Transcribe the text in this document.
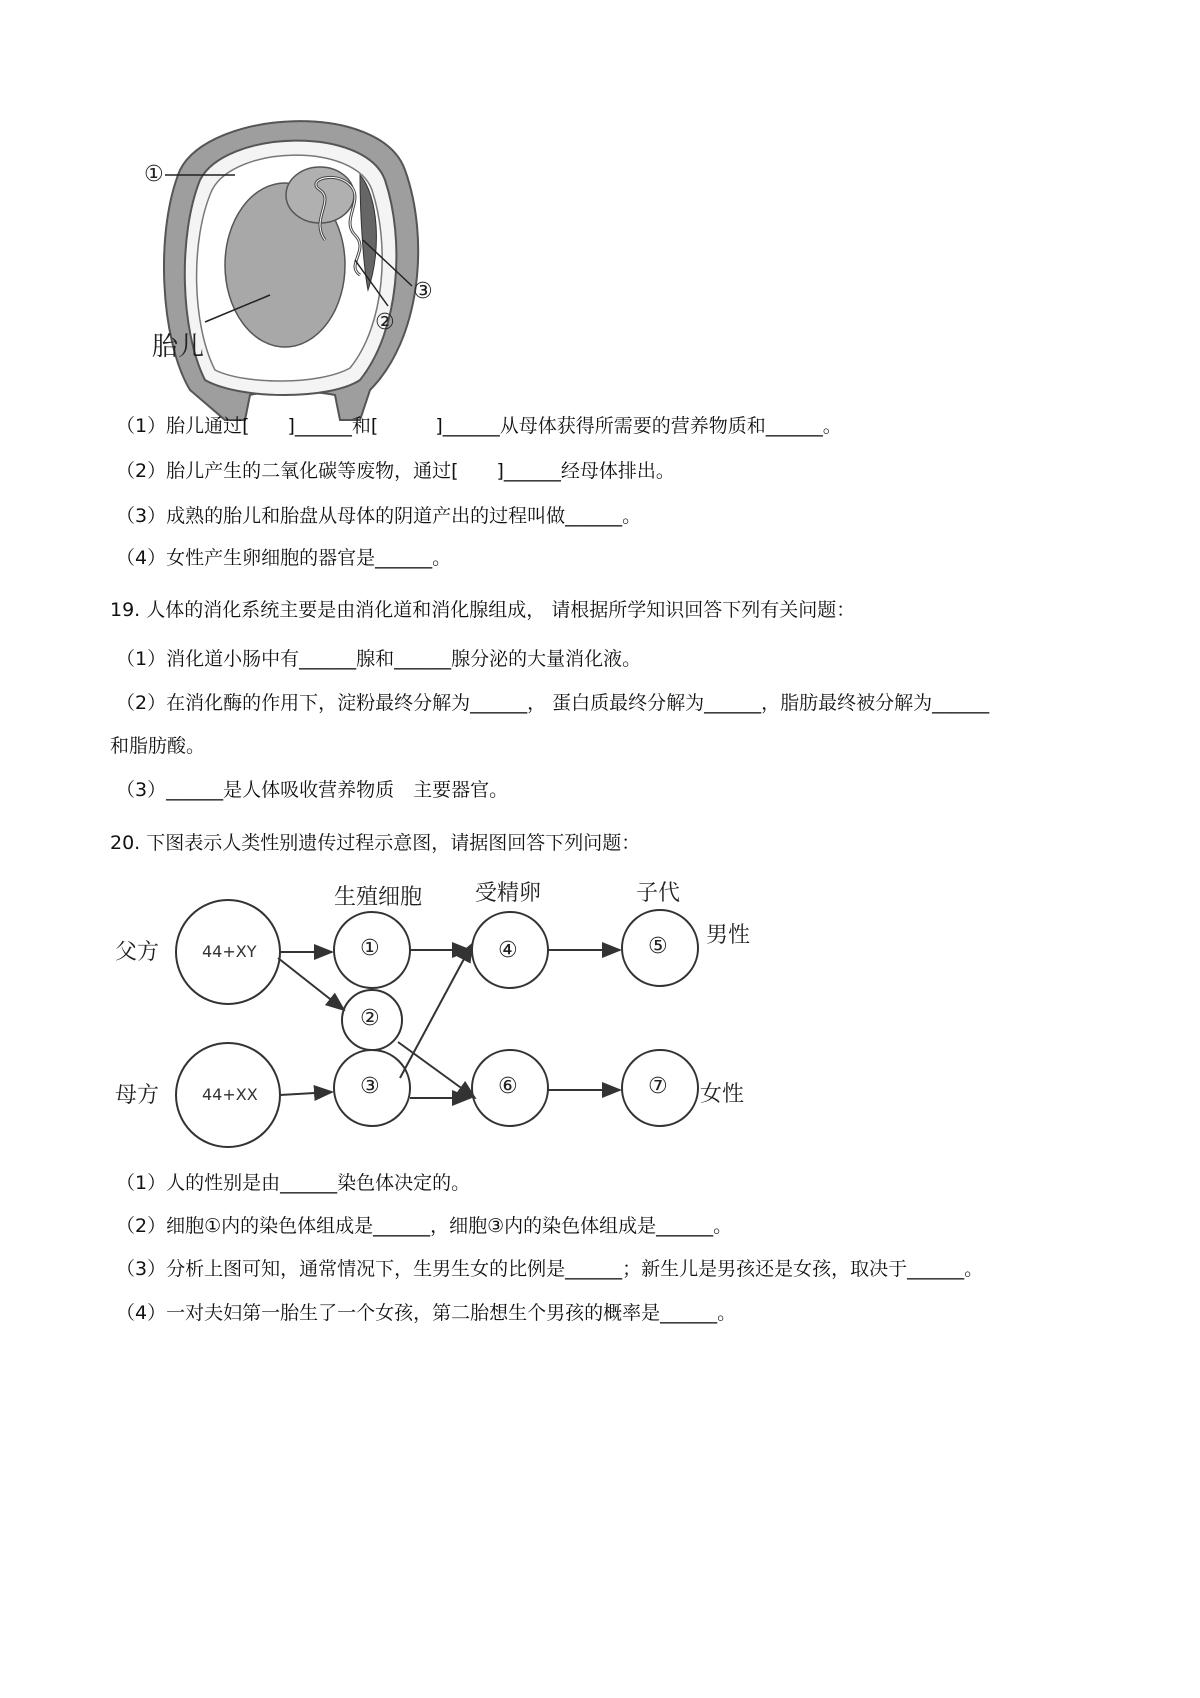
①
③
②
胎儿
（1）胎儿通过[　　]______和[　　　]______从母体获得所需要的营养物质和______。
（2）胎儿产生的二氧化碳等废物，通过[　　]______经母体排出。
（3）成熟的胎儿和胎盘从母体的阴道产出的过程叫做______。
（4）女性产生卵细胞的器官是______。
19. 人体的消化系统主要是由消化道和消化腺组成， 请根据所学知识回答下列有关问题：
（1）消化道小肠中有______腺和______腺分泌的大量消化液。
（2）在消化酶的作用下，淀粉最终分解为______， 蛋白质最终分解为______，脂肪最终被分解为______
和脂肪酸。
（3）______是人体吸收营养物质　主要器官。
20. 下图表示人类性别遗传过程示意图，请据图回答下列问题：
生殖细胞 受精卵	子代
父方
母方
44+XY
44+XX
①
②
③
④	⑤
⑥	⑦
男性
女性
（1）人的性别是由______染色体决定的。
（2）细胞①内的染色体组成是______，细胞③内的染色体组成是______。
（3）分析上图可知，通常情况下，生男生女的比例是______；新生儿是男孩还是女孩，取决于______。
（4）一对夫妇第一胎生了一个女孩，第二胎想生个男孩的概率是______。
